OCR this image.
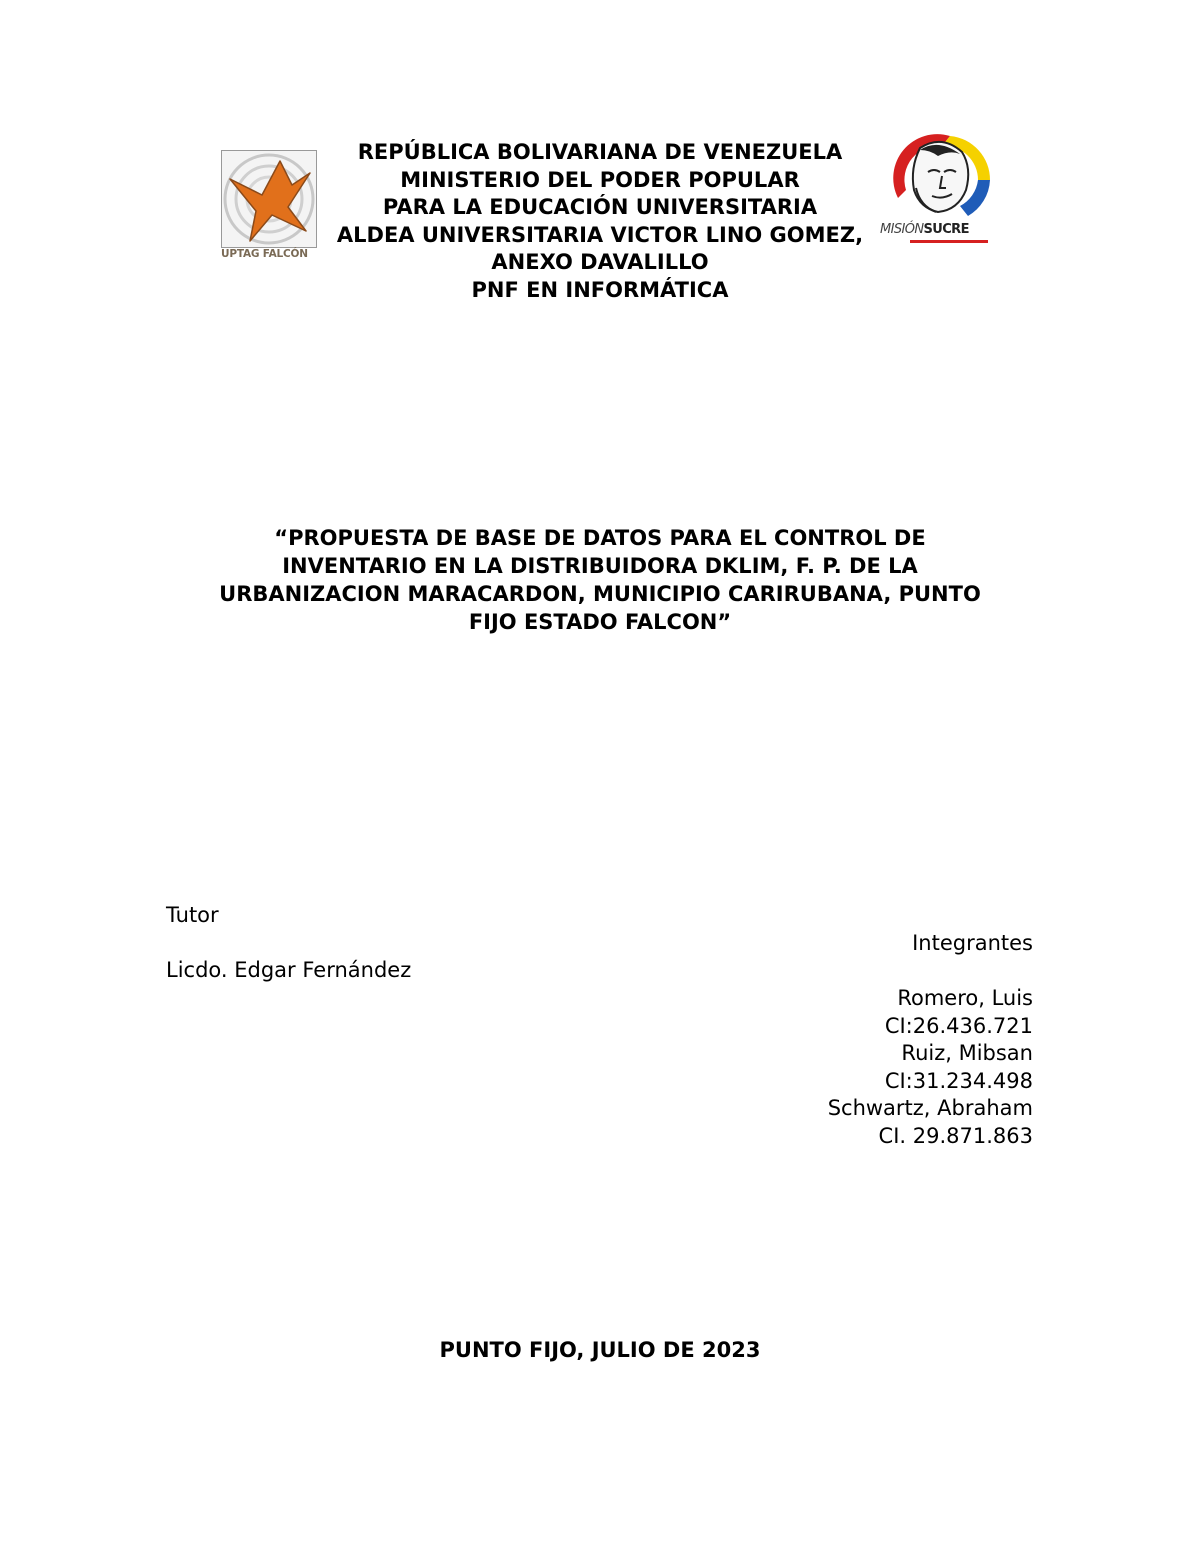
UPTAG FALCÓN
MISIÓNSUCRE
REPÚBLICA BOLIVARIANA DE VENEZUELA
MINISTERIO DEL PODER POPULAR
PARA LA EDUCACIÓN UNIVERSITARIA
ALDEA UNIVERSITARIA VICTOR LINO GOMEZ,
ANEXO DAVALILLO
PNF EN INFORMÁTICA
“PROPUESTA DE BASE DE DATOS PARA EL CONTROL DE
INVENTARIO EN LA DISTRIBUIDORA DKLIM, F. P. DE LA
URBANIZACION MARACARDON, MUNICIPIO CARIRUBANA, PUNTO
FIJO ESTADO FALCON”
Tutor
Licdo. Edgar Fernández
Integrantes
Romero, Luis
CI:26.436.721
Ruiz, Mibsan
CI:31.234.498
Schwartz, Abraham
CI. 29.871.863
PUNTO FIJO, JULIO DE 2023
